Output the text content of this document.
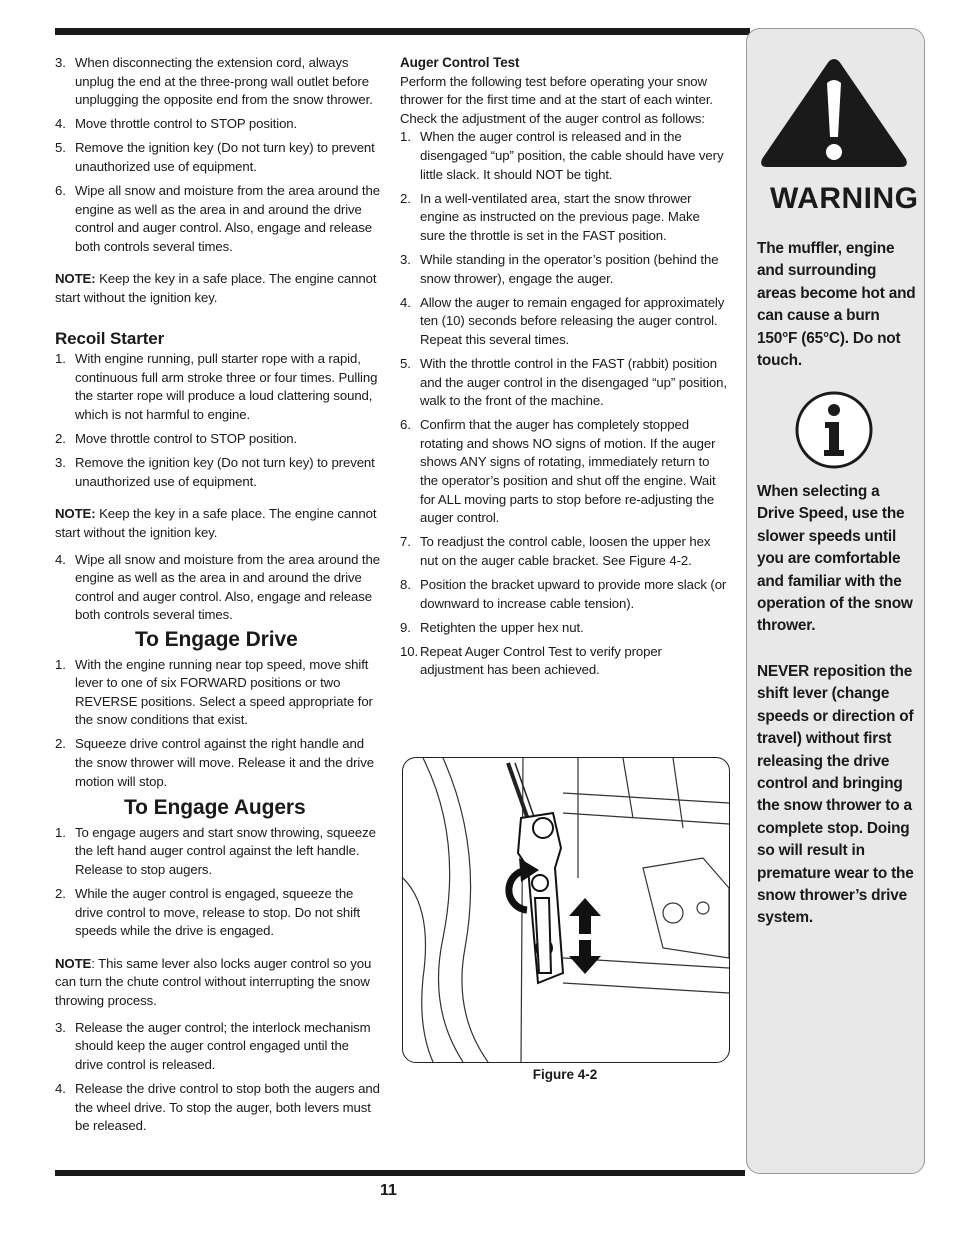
3. When disconnecting the extension cord, always unplug the end at the three-prong wall outlet before unplugging the opposite end from the snow thrower.
4. Move throttle control to STOP position.
5. Remove the ignition key (Do not turn key) to prevent unauthorized use of equipment.
6. Wipe all snow and moisture from the area around the engine as well as the area in and around the drive control and auger control. Also, engage and release both controls several times.
NOTE: Keep the key in a safe place. The engine cannot start without the ignition key.
Recoil Starter
1. With engine running, pull starter rope with a rapid, continuous full arm stroke three or four times. Pulling the starter rope will produce a loud clattering sound, which is not harmful to engine.
2. Move throttle control to STOP position.
3. Remove the ignition key (Do not turn key) to prevent unauthorized use of equipment.
NOTE: Keep the key in a safe place. The engine cannot start without the ignition key.
4. Wipe all snow and moisture from the area around the engine as well as the area in and around the drive control and auger control. Also, engage and release both controls several times.
To Engage Drive
1. With the engine running near top speed, move shift lever to one of six FORWARD positions or two REVERSE positions. Select a speed appropriate for the snow conditions that exist.
2. Squeeze drive control against the right handle and the snow thrower will move. Release it and the drive motion will stop.
To Engage Augers
1. To engage augers and start snow throwing, squeeze the left hand auger control against the left handle. Release to stop augers.
2. While the auger control is engaged, squeeze the drive control to move, release to stop. Do not shift speeds while the drive is engaged.
NOTE: This same lever also locks auger control so you can turn the chute control without interrupting the snow throwing process.
3. Release the auger control; the interlock mechanism should keep the auger control engaged until the drive control is released.
4. Release the drive control to stop both the augers and the wheel drive. To stop the auger, both levers must be released.
Auger Control Test
Perform the following test before operating your snow thrower for the first time and at the start of each winter. Check the adjustment of the auger control as follows:
1. When the auger control is released and in the disengaged “up” position, the cable should have very little slack. It should NOT be tight.
2. In a well-ventilated area, start the snow thrower engine as instructed on the previous page. Make sure the throttle is set in the FAST position.
3. While standing in the operator’s position (behind the snow thrower), engage the auger.
4. Allow the auger to remain engaged for approximately ten (10) seconds before releasing the auger control. Repeat this several times.
5. With the throttle control in the FAST (rabbit) position and the auger control in the disengaged “up” position, walk to the front of the machine.
6. Confirm that the auger has completely stopped rotating and shows NO signs of motion. If the auger shows ANY signs of rotating, immediately return to the operator’s position and shut off the engine. Wait for ALL moving parts to stop before re-adjusting the auger control.
7. To readjust the control cable, loosen the upper hex nut on the auger cable bracket. See Figure 4-2.
8. Position the bracket upward to provide more slack (or downward to increase cable tension).
9. Retighten the upper hex nut.
10. Repeat Auger Control Test to verify proper adjustment has been achieved.
Figure 4-2
WARNING
The muffler, engine and surrounding areas become hot and can cause a burn 150°F (65°C). Do not touch.
When selecting a Drive Speed, use the slower speeds until you are comfortable and familiar with the operation of the snow thrower.
NEVER reposition the shift lever (change speeds or direction of travel) without first releasing the drive control and bringing the snow thrower to a complete stop. Doing so will result in premature wear to the snow thrower’s drive system.
11
